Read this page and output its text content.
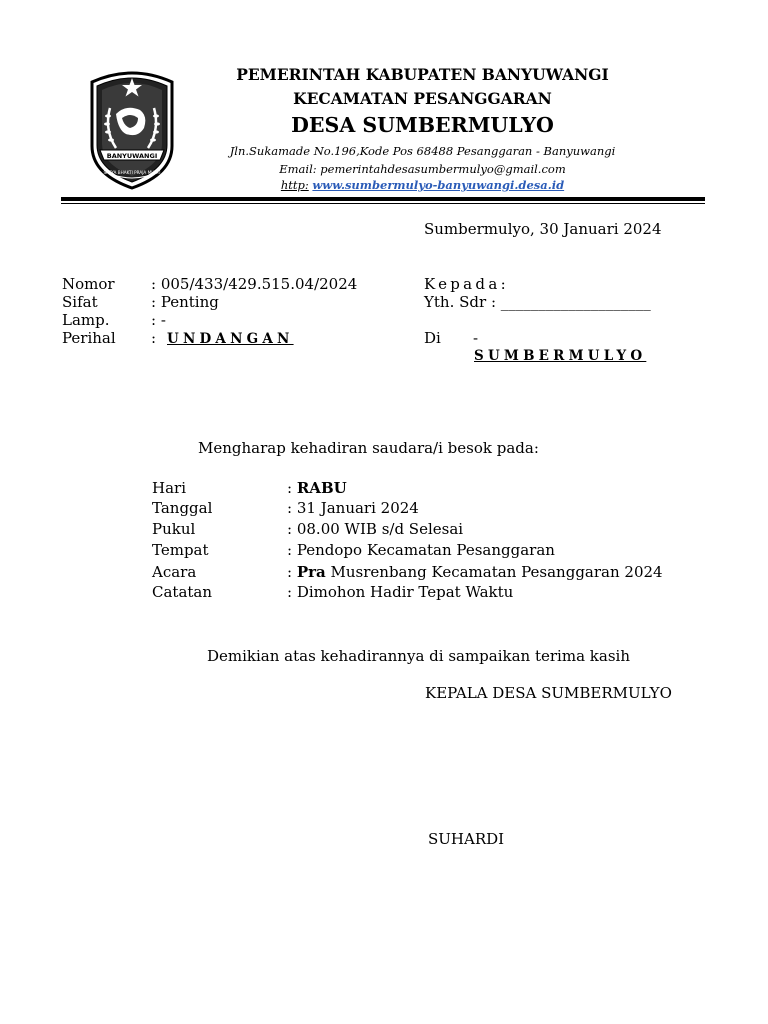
BANYUWANGI
SATYA BHAKTI PRAJA MUKTI
PEMERINTAH KABUPATEN BANYUWANGI
KECAMATAN PESANGGARAN
DESA SUMBERMULYO
Jln.Sukamade No.196,Kode Pos 68488 Pesanggaran - Banyuwangi
Email: pemerintahdesasumbermulyo@gmail.com
http: www.sumbermulyo-banyuwangi.desa.id
Sumbermulyo, 30 Januari 2024
Nomor : 005/433/429.515.04/2024
Sifat	: Penting
Lamp.	: -
Perihal : UNDANGAN
Kepada:
Yth. Sdr : ____________________
Di -
SUMBERMULYO
Mengharap kehadiran saudara/i besok pada:
Hari	: RABU
Tanggal	: 31 Januari 2024
Pukul	: 08.00 WIB s/d Selesai
Tempat	: Pendopo Kecamatan Pesanggaran
Acara	: Pra Musrenbang Kecamatan Pesanggaran 2024
Catatan	: Dimohon Hadir Tepat Waktu
Demikian atas kehadirannya di sampaikan terima kasih
KEPALA DESA SUMBERMULYO
SUHARDI
